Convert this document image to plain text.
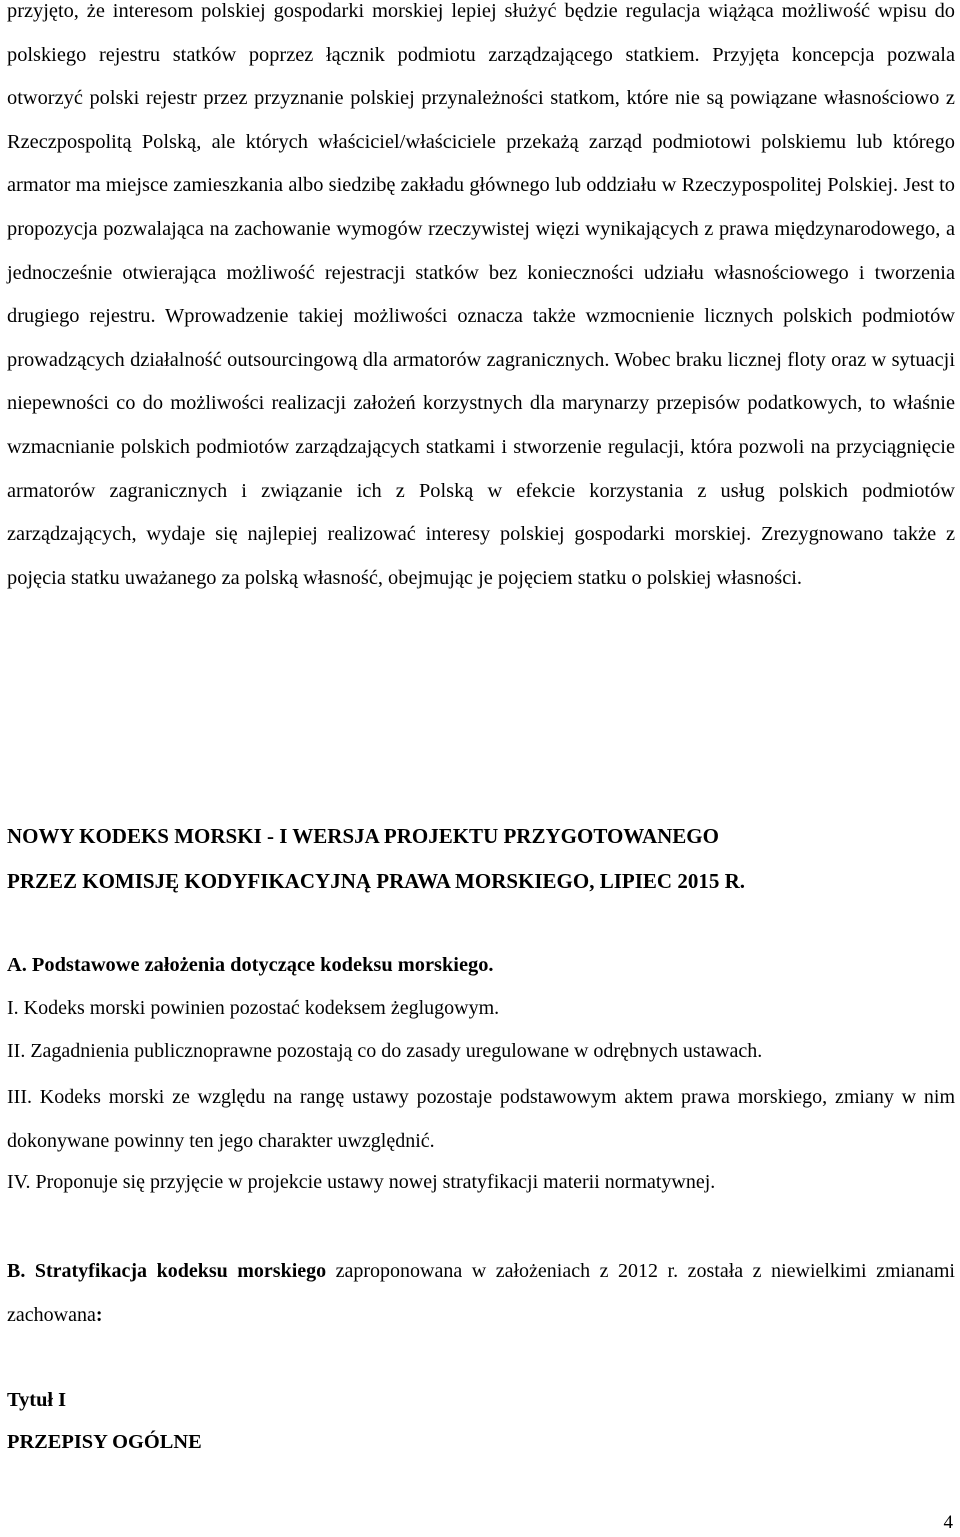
przyjęto, że interesom polskiej gospodarki morskiej lepiej służyć będzie regulacja wiążąca możliwość wpisu do polskiego rejestru statków poprzez łącznik podmiotu zarządzającego statkiem. Przyjęta koncepcja pozwala otworzyć polski rejestr przez przyznanie polskiej przynależności statkom, które nie są powiązane własnościowo z Rzeczpospolitą Polską, ale których właściciel/właściciele przekażą zarząd podmiotowi polskiemu lub którego armator ma miejsce zamieszkania albo siedzibę zakładu głównego lub oddziału w Rzeczypospolitej Polskiej. Jest to propozycja pozwalająca na zachowanie wymogów rzeczywistej więzi wynikających z prawa międzynarodowego, a jednocześnie otwierająca możliwość rejestracji statków bez konieczności udziału własnościowego i tworzenia drugiego rejestru. Wprowadzenie takiej możliwości oznacza także wzmocnienie licznych polskich podmiotów prowadzących działalność outsourcingową dla armatorów zagranicznych. Wobec braku licznej floty oraz w sytuacji niepewności co do możliwości realizacji założeń korzystnych dla marynarzy przepisów podatkowych, to właśnie wzmacnianie polskich podmiotów zarządzających statkami i stworzenie regulacji, która pozwoli na przyciągnięcie armatorów zagranicznych i związanie ich z Polską w efekcie korzystania z usług polskich podmiotów zarządzających, wydaje się najlepiej realizować interesy polskiej gospodarki morskiej. Zrezygnowano także z pojęcia statku uważanego za polską własność, obejmując je pojęciem statku o polskiej własności.

NOWY KODEKS MORSKI - I WERSJA PROJEKTU PRZYGOTOWANEGO

PRZEZ KOMISJĘ KODYFIKACYJNĄ PRAWA MORSKIEGO, LIPIEC 2015 R.

A. Podstawowe założenia dotyczące kodeksu morskiego.

I. Kodeks morski powinien pozostać kodeksem żeglugowym.

II. Zagadnienia publicznoprawne pozostają co do zasady uregulowane w odrębnych ustawach.

III. Kodeks morski ze względu na rangę ustawy pozostaje podstawowym aktem prawa morskiego, zmiany w nim dokonywane powinny ten jego charakter uwzględnić.

IV. Proponuje się przyjęcie w projekcie ustawy nowej stratyfikacji materii normatywnej.

B. Stratyfikacja kodeksu morskiego zaproponowana w założeniach z 2012 r. została z niewielkimi zmianami zachowana:

Tytuł I

PRZEPISY OGÓLNE

4
